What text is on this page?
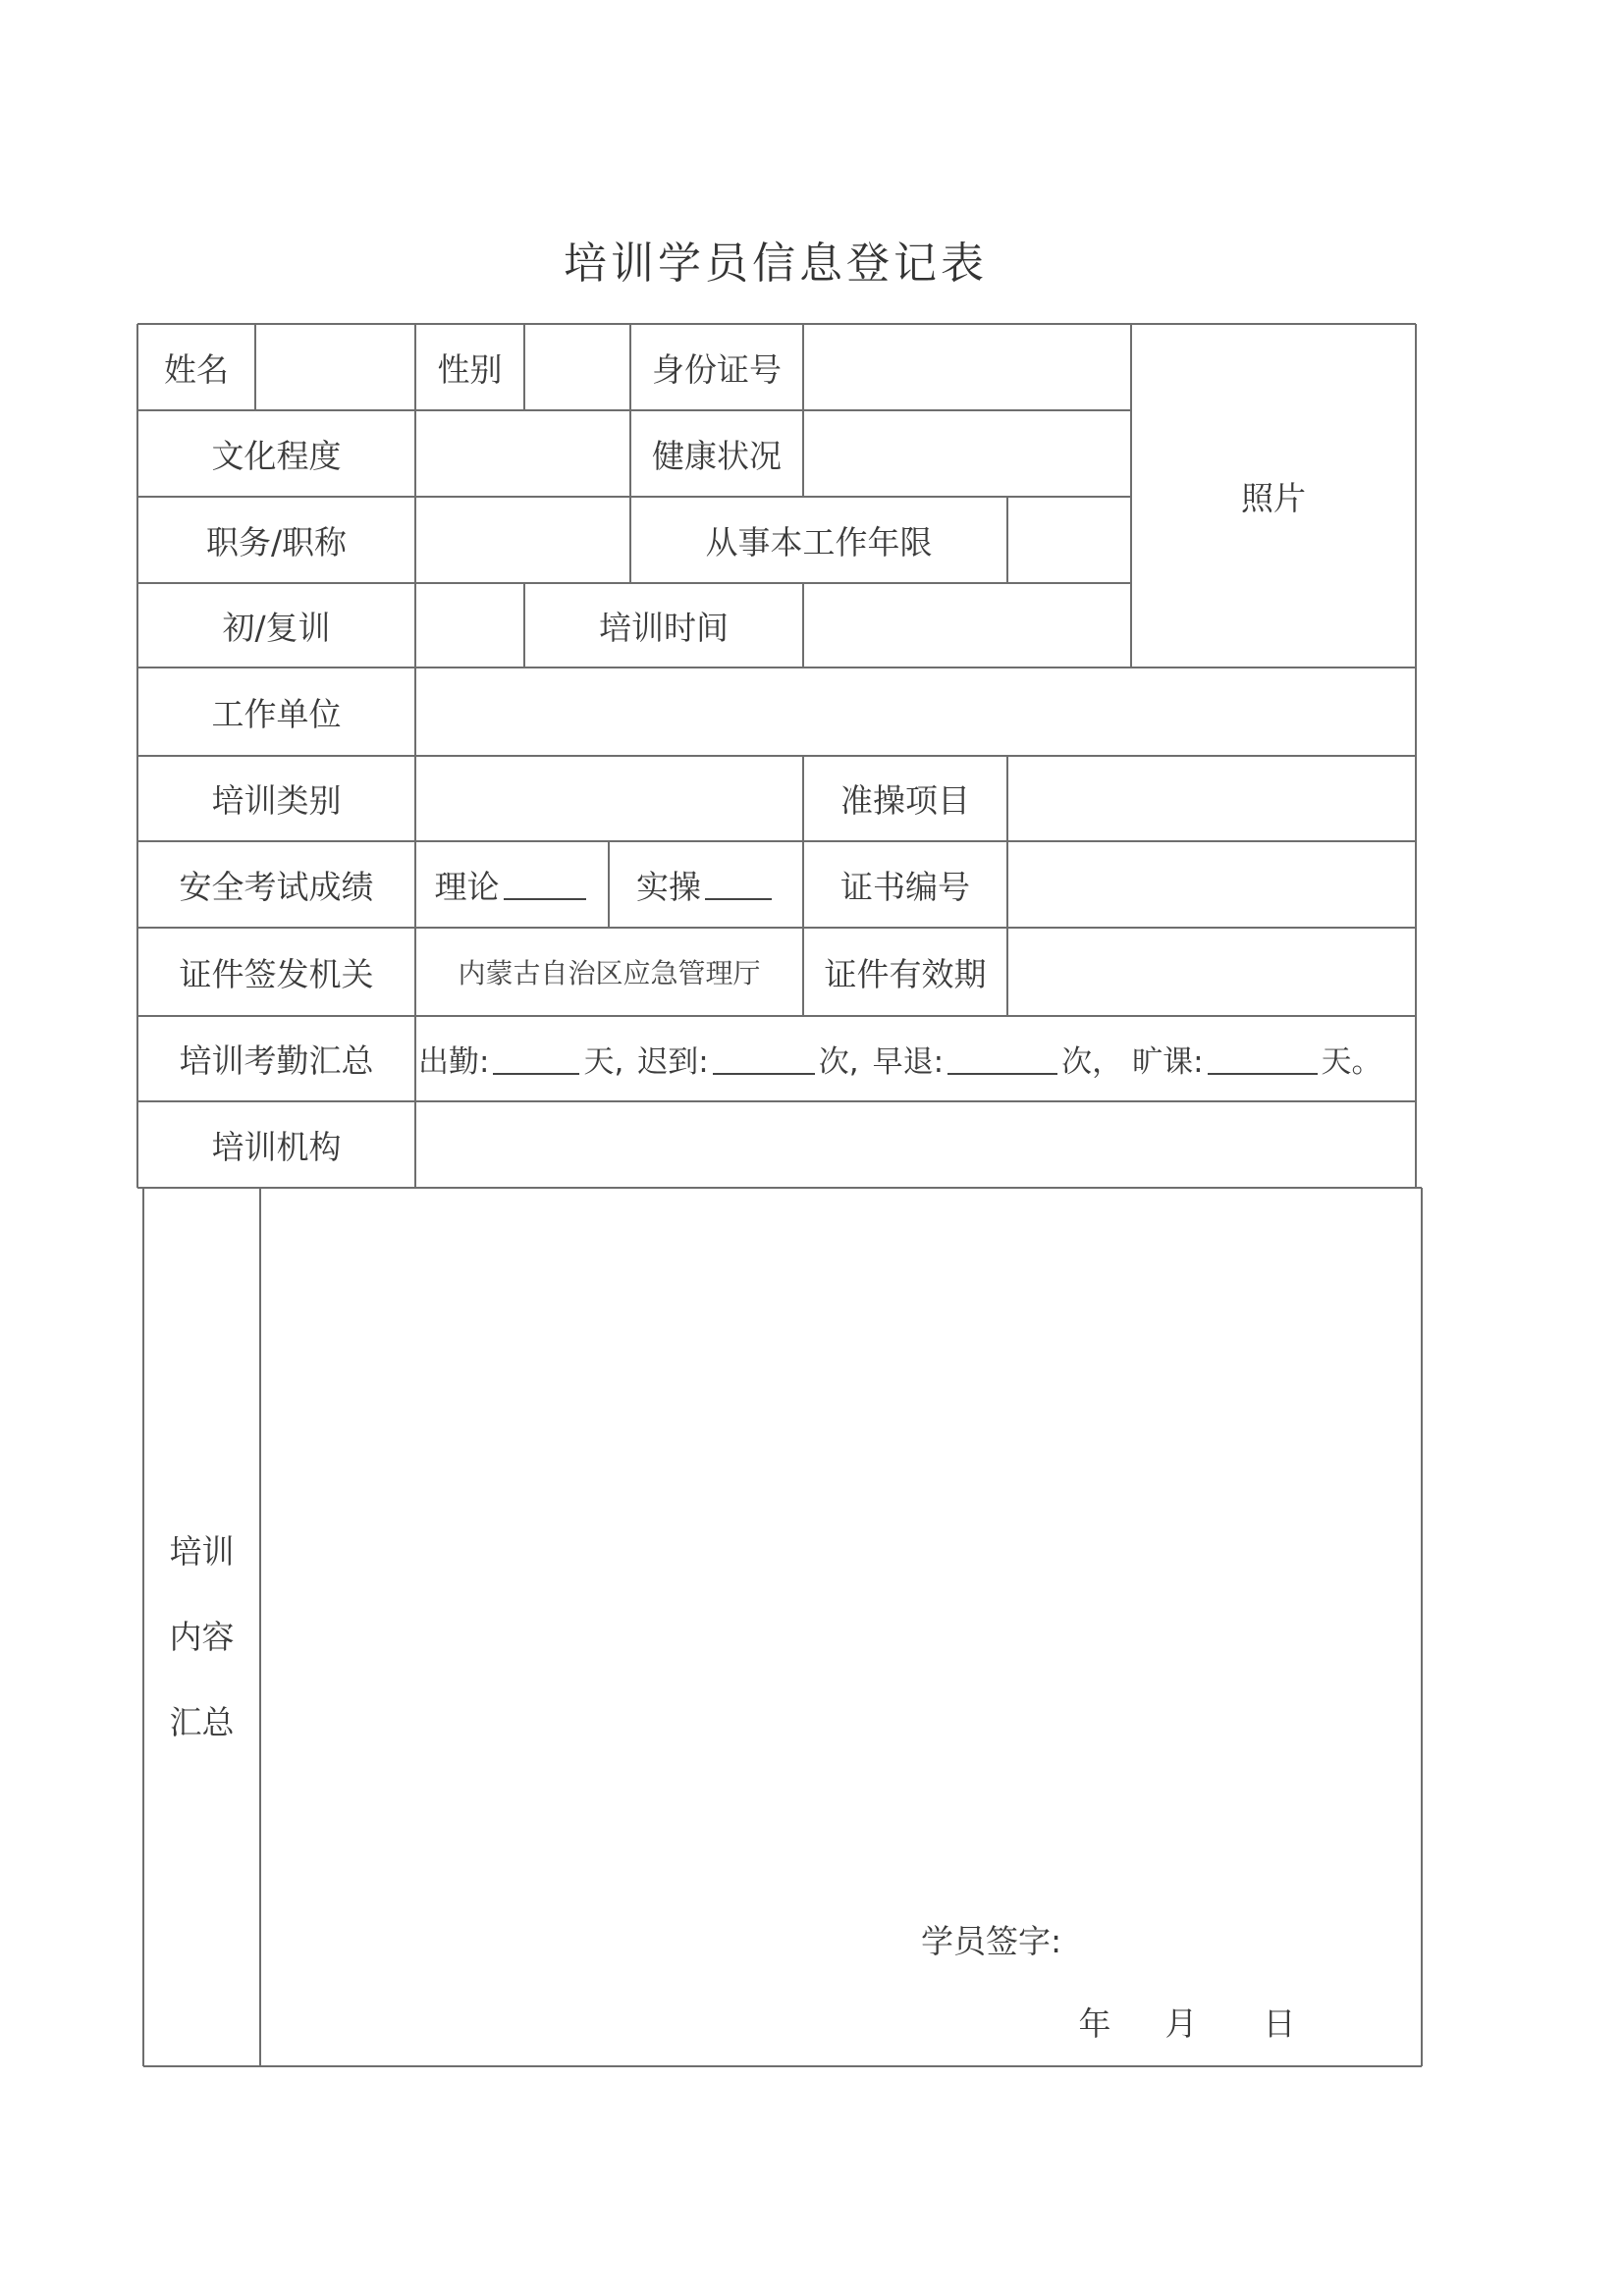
培训学员信息登记表
姓名	性别	身份证号
照片
文化程度	健康状况
职务/职称	从事本工作年限
初/复训	培训时间
工作单位
培训类别	准操项目
安全考试成绩	理论	实操	证书编号
证件签发机关	内蒙古自治区应急管理厅	证件有效期
培训考勤汇总	出勤:	天, 迟到:	次, 早退:	次， 旷课:	天。
培训机构
培训
内容
汇总
学员签字:
年 月 日
